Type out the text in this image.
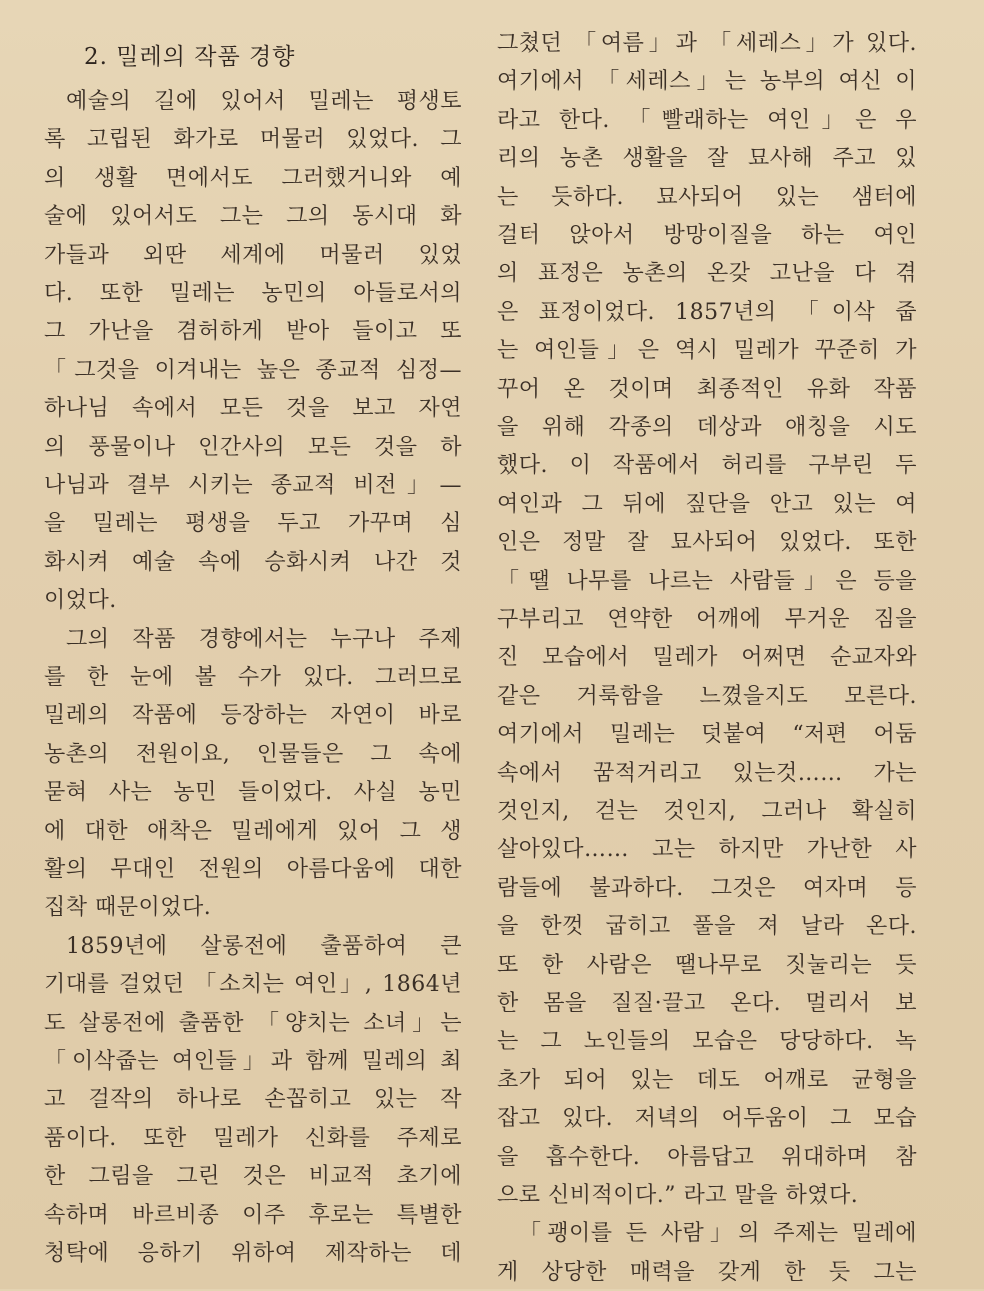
2. 밀레의 작품 경향
예술의 길에 있어서 밀레는 평생토
록 고립된 화가로 머물러 있었다. 그
의 생활 면에서도 그러했거니와 예
술에 있어서도 그는 그의 동시대 화
가들과 외딴 세계에 머물러 있었
다. 또한 밀레는 농민의 아들로서의
그 가난을 겸허하게 받아 들이고 또
「그것을 이겨내는 높은 종교적 심정—
하나님 속에서 모든 것을 보고 자연
의 풍물이나 인간사의 모든 것을 하
나님과 결부 시키는 종교적 비전」—
을 밀레는 평생을 두고 가꾸며 심
화시켜 예술 속에 승화시켜 나간 것
이었다.
그의 작품 경향에서는 누구나 주제
를 한 눈에 볼 수가 있다. 그러므로
밀레의 작품에 등장하는 자연이 바로
농촌의 전원이요, 인물들은 그 속에
묻혀 사는 농민 들이었다. 사실 농민
에 대한 애착은 밀레에게 있어 그 생
활의 무대인 전원의 아름다움에 대한
집착 때문이었다.
1859년에 살롱전에 출품하여 큰
기대를 걸었던 「소치는 여인」, 1864년
도 살롱전에 출품한 「양치는 소녀」는
「이삭줍는 여인들」과 함께 밀레의 최
고 걸작의 하나로 손꼽히고 있는 작
품이다. 또한 밀레가 신화를 주제로
한 그림을 그린 것은 비교적 초기에
속하며 바르비종 이주 후로는 특별한
청탁에 응하기 위하여 제작하는 데
그쳤던 「여름」과 「세레스」가 있다.
여기에서 「세레스」는 농부의 여신 이
라고 한다. 「빨래하는 여인」은 우
리의 농촌 생활을 잘 묘사해 주고 있
는 듯하다. 묘사되어 있는 샘터에
걸터 앉아서 방망이질을 하는 여인
의 표정은 농촌의 온갖 고난을 다 겪
은 표정이었다. 1857년의 「이삭 줍
는 여인들」은 역시 밀레가 꾸준히 가
꾸어 온 것이며 최종적인 유화 작품
을 위해 각종의 데상과 애칭을 시도
했다. 이 작품에서 허리를 구부린 두
여인과 그 뒤에 짚단을 안고 있는 여
인은 정말 잘 묘사되어 있었다. 또한
「땔 나무를 나르는 사람들」은 등을
구부리고 연약한 어깨에 무거운 짐을
진 모습에서 밀레가 어쩌면 순교자와
같은 거룩함을 느꼈을지도 모른다.
여기에서 밀레는 덧붙여 “저편 어둠
속에서 꿈적거리고 있는것…… 가는
것인지, 걷는 것인지, 그러나 확실히
살아있다…… 고는 하지만 가난한 사
람들에 불과하다. 그것은 여자며 등
을 한껏 굽히고 풀을 져 날라 온다.
또 한 사람은 땔나무로 짓눌리는 듯
한 몸을 질질·끌고 온다. 멀리서 보
는 그 노인들의 모습은 당당하다. 녹
초가 되어 있는 데도 어깨로 균형을
잡고 있다. 저녁의 어두움이 그 모습
을 흡수한다. 아름답고 위대하며 참
으로 신비적이다.” 라고 말을 하였다.
「괭이를 든 사람」의 주제는 밀레에
게 상당한 매력을 갖게 한 듯 그는
